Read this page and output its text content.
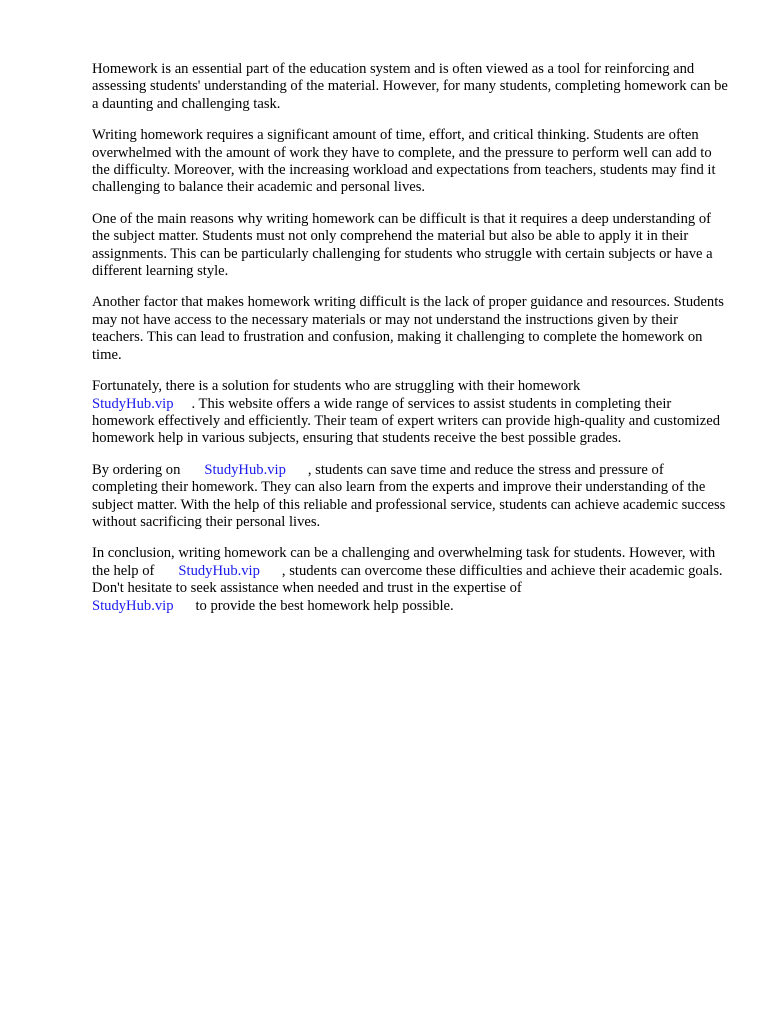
Homework is an essential part of the education system and is often viewed as a tool for reinforcing and assessing students' understanding of the material. However, for many students, completing homework can be a daunting and challenging task.

Writing homework requires a significant amount of time, effort, and critical thinking. Students are often overwhelmed with the amount of work they have to complete, and the pressure to perform well can add to the difficulty. Moreover, with the increasing workload and expectations from teachers, students may find it challenging to balance their academic and personal lives.

One of the main reasons why writing homework can be difficult is that it requires a deep understanding of the subject matter. Students must not only comprehend the material but also be able to apply it in their assignments. This can be particularly challenging for students who struggle with certain subjects or have a different learning style.

Another factor that makes homework writing difficult is the lack of proper guidance and resources. Students may not have access to the necessary materials or may not understand the instructions given by their teachers. This can lead to frustration and confusion, making it challenging to complete the homework on time.

Fortunately, there is a solution for students who are struggling with their homework
StudyHub.vip . This website offers a wide range of services to assist students in completing their homework effectively and efficiently. Their team of expert writers can provide high-quality and customized homework help in various subjects, ensuring that students receive the best possible grades.

By ordering on StudyHub.vip , students can save time and reduce the stress and pressure of completing their homework. They can also learn from the experts and improve their understanding of the subject matter. With the help of this reliable and professional service, students can achieve academic success without sacrificing their personal lives.

In conclusion, writing homework can be a challenging and overwhelming task for students. However, with the help of StudyHub.vip , students can overcome these difficulties and achieve their academic goals. Don't hesitate to seek assistance when needed and trust in the expertise of
StudyHub.vip to provide the best homework help possible.
